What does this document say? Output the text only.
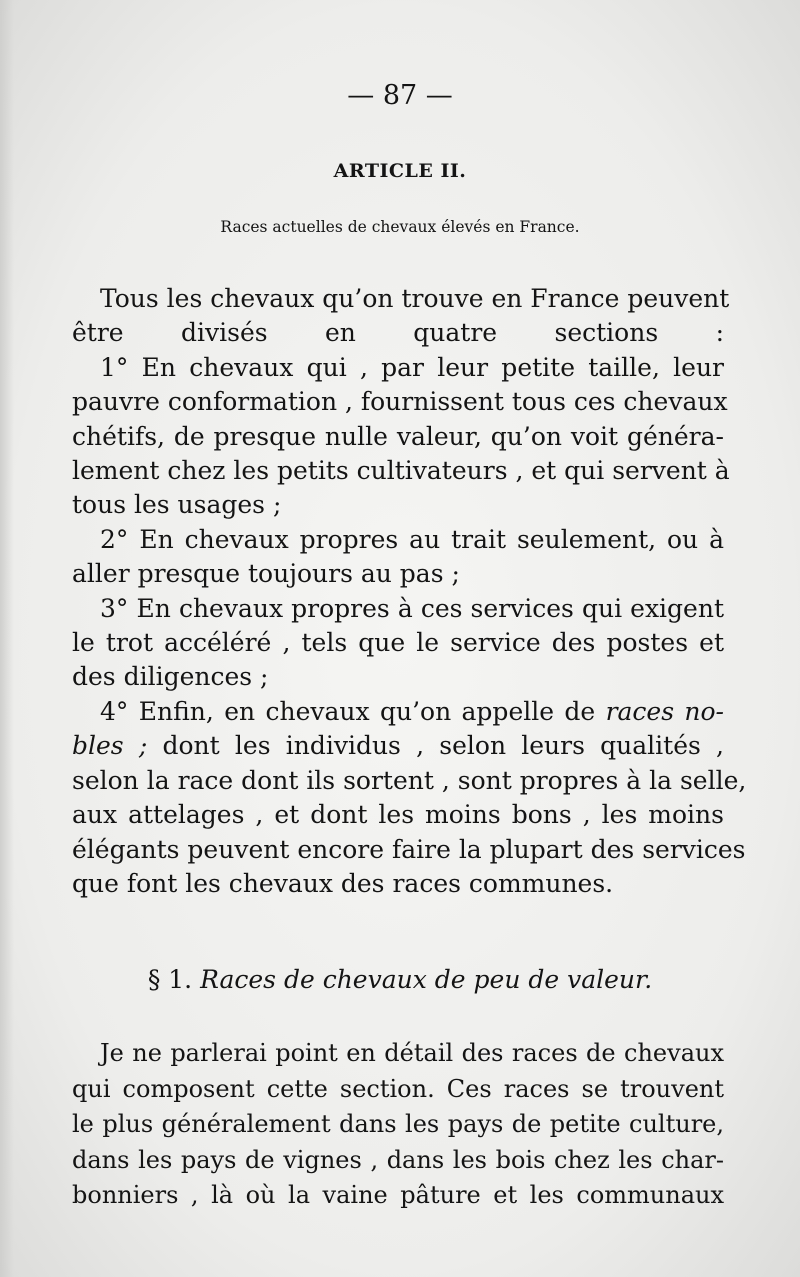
— 87 —
ARTICLE II.
Races actuelles de chevaux élevés en France.
Tous les chevaux qu’on trouve en France peuvent
être divisés en quatre sections :
1° En chevaux qui , par leur petite taille, leur
pauvre conformation , fournissent tous ces chevaux
chétifs, de presque nulle valeur, qu’on voit généra-
lement chez les petits cultivateurs , et qui servent à
tous les usages ;
2° En chevaux propres au trait seulement, ou à
aller presque toujours au pas ;
3° En chevaux propres à ces services qui exigent
le trot accéléré , tels que le service des postes et
des diligences ;
4° Enfin, en chevaux qu’on appelle de races no-
bles ; dont les individus , selon leurs qualités ,
selon la race dont ils sortent , sont propres à la selle,
aux attelages , et dont les moins bons , les moins
élégants peuvent encore faire la plupart des services
que font les chevaux des races communes.
§ 1. Races de chevaux de peu de valeur.
Je ne parlerai point en détail des races de chevaux
qui composent cette section. Ces races se trouvent
le plus généralement dans les pays de petite culture,
dans les pays de vignes , dans les bois chez les char-
bonniers , là où la vaine pâture et les communaux
